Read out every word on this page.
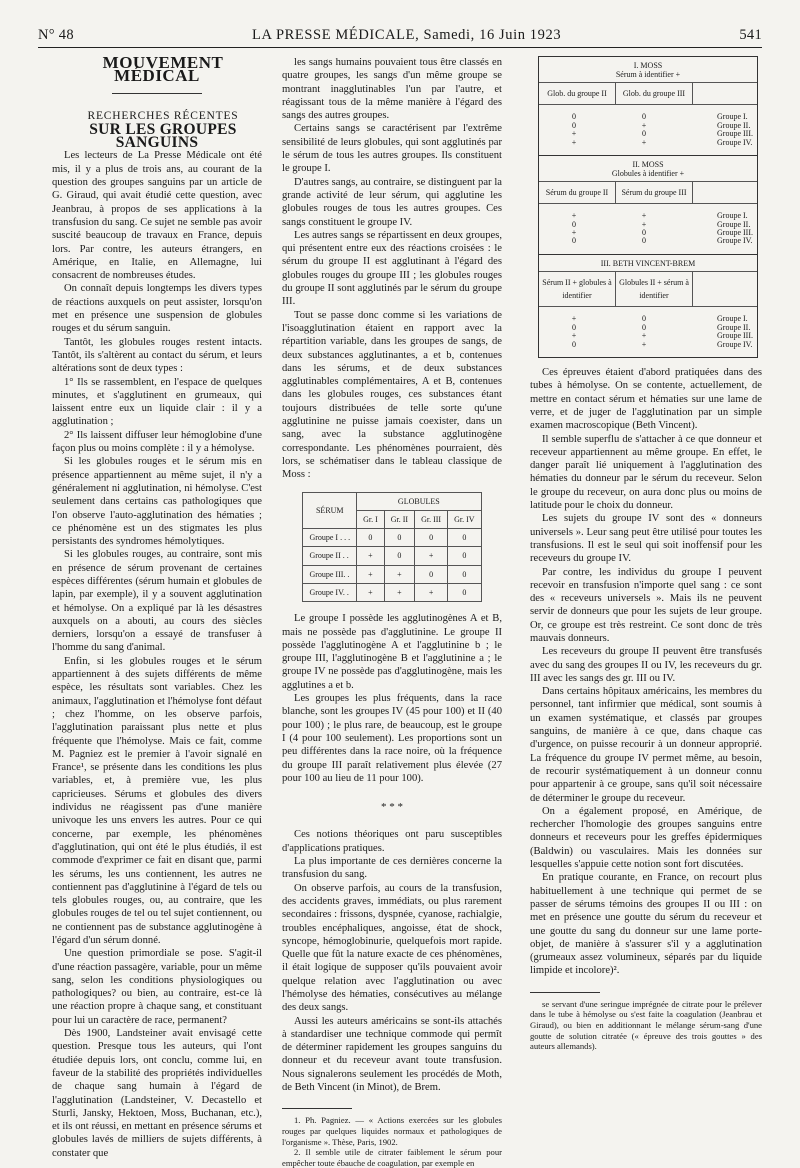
N° 48	LA PRESSE MÉDICALE, Samedi, 16 Juin 1923	541

MOUVEMENT MÉDICAL

RECHERCHES RÉCENTES

SUR LES GROUPES SANGUINS

Les lecteurs de La Presse Médicale ont été mis, il y a plus de trois ans, au courant de la question des groupes sanguins par un article de G. Giraud, qui avait étudié cette question, avec Jeanbrau, à propos de ses applications à la transfusion du sang. Ce sujet ne semble pas avoir suscité beaucoup de travaux en France, depuis lors. Par contre, les auteurs étrangers, en Amérique, en Italie, en Allemagne, lui consacrent de nombreuses études.

On connaît depuis longtemps les divers types de réactions auxquels on peut assister, lorsqu'on met en présence une suspension de globules rouges et du sérum sanguin.

Tantôt, les globules rouges restent intacts. Tantôt, ils s'altèrent au contact du sérum, et leurs altérations sont de deux types :

1° Ils se rassemblent, en l'espace de quelques minutes, et s'agglutinent en grumeaux, qui laissent entre eux un liquide clair : il y a agglutination ;

2° Ils laissent diffuser leur hémoglobine d'une façon plus ou moins complète : il y a hémolyse.

Si les globules rouges et le sérum mis en présence appartiennent au même sujet, il n'y a généralement ni agglutination, ni hémolyse. C'est seulement dans certains cas pathologiques que l'on observe l'auto-agglutination des hématies ; ce phénomène est un des stigmates les plus persistants des syndromes hémolytiques.

Si les globules rouges, au contraire, sont mis en présence de sérum provenant de certaines espèces différentes (sérum humain et globules de lapin, par exemple), il y a souvent agglutination et hémolyse. On a expliqué par là les désastres auxquels on a abouti, au cours des siècles derniers, lorsqu'on a essayé de transfuser à l'homme du sang d'animal.

Enfin, si les globules rouges et le sérum appartiennent à des sujets différents de même espèce, les résultats sont variables. Chez les animaux, l'agglutination et l'hémolyse font défaut ; chez l'homme, on les observe parfois, l'agglutination paraissant plus nette et plus fréquente que l'hémolyse. Mais ce fait, comme M. Pagniez est le premier à l'avoir signalé en France¹, se présente dans les conditions les plus variables, et, à première vue, les plus capricieuses. Sérums et globules des divers individus ne réagissent pas d'une manière univoque les uns envers les autres. Pour ce qui concerne, par exemple, les phénomènes d'agglutination, qui ont été le plus étudiés, il est commode d'exprimer ce fait en disant que, parmi les sérums, les uns contiennent, les autres ne contiennent pas d'agglutinine à l'égard de tels ou tels globules rouges, ou, au contraire, que les globules rouges de tel ou tel sujet contiennent, ou ne contiennent pas de substance agglutinogène à l'égard d'un sérum donné.

Une question primordiale se pose. S'agit-il d'une réaction passagère, variable, pour un même sang, selon les conditions physiologiques ou pathologiques? ou bien, au contraire, est-ce là une réaction propre à chaque sang, et constituant pour lui un caractère de race, permanent?

Dès 1900, Landsteiner avait envisagé cette question. Presque tous les auteurs, qui l'ont étudiée depuis lors, ont conclu, comme lui, en faveur de la stabilité des propriétés individuelles de chaque sang humain à l'égard de l'agglutination (Landsteiner, V. Decastello et Sturli, Jansky, Hektoen, Moss, Buchanan, etc.), et ils ont réussi, en mettant en présence sérums et globules lavés de milliers de sujets différents, à constater que

les sangs humains pouvaient tous être classés en quatre groupes, les sangs d'un même groupe se montrant inagglutinables l'un par l'autre, et réagissant tous de la même manière à l'égard des sangs des autres groupes.

Certains sangs se caractérisent par l'extrême sensibilité de leurs globules, qui sont agglutinés par le sérum de tous les autres groupes. Ils constituent le groupe I.

D'autres sangs, au contraire, se distinguent par la grande activité de leur sérum, qui agglutine les globules rouges de tous les autres groupes. Ces sangs constituent le groupe IV.

Les autres sangs se répartissent en deux groupes, qui présentent entre eux des réactions croisées : le sérum du groupe II est agglutinant à l'égard des globules rouges du groupe III ; les globules rouges du groupe II sont agglutinés par le sérum du groupe III.

Tout se passe donc comme si les variations de l'isoagglutination étaient en rapport avec la répartition variable, dans les groupes de sangs, de deux substances agglutinantes, a et b, contenues dans les sérums, et de deux substances agglutinables complémentaires, A et B, contenues dans les globules rouges, ces substances étant toujours distribuées de telle sorte qu'une agglutinine ne puisse jamais coexister, dans un sang, avec la substance agglutinogène correspondante. Les phénomènes pourraient, dès lors, se schématiser dans le tableau classique de Moss :

SÉRUM	GLOBULES			
	Gr. I	Gr. II	Gr. III	Gr. IV
Groupe I . . .	0	0	0	0
Groupe II . .	+	0	+	0
Groupe III. .	+	+	0	0
Groupe IV. .	+	+	+	0

Le groupe I possède les agglutinogènes A et B, mais ne possède pas d'agglutinine. Le groupe II possède l'agglutinogène A et l'agglutinine b ; le groupe III, l'agglutinogène B et l'agglutinine a ; le groupe IV ne possède pas d'agglutinogène, mais les agglutines a et b.

Les groupes les plus fréquents, dans la race blanche, sont les groupes IV (45 pour 100) et II (40 pour 100) ; le plus rare, de beaucoup, est le groupe I (4 pour 100 seulement). Les proportions sont un peu différentes dans la race noire, où la fréquence du groupe III paraît relativement plus élevée (27 pour 100 au lieu de 11 pour 100).

* * *

Ces notions théoriques ont paru susceptibles d'applications pratiques.

La plus importante de ces dernières concerne la transfusion du sang.

On observe parfois, au cours de la transfusion, des accidents graves, immédiats, ou plus rarement secondaires : frissons, dyspnée, cyanose, rachialgie, troubles encéphaliques, angoisse, état de shock, syncope, hémoglobinurie, quelquefois mort rapide. Quelle que fût la nature exacte de ces phénomènes, il était logique de supposer qu'ils pouvaient avoir quelque relation avec l'agglutination ou avec l'hémolyse des hématies, consécutives au mélange des deux sangs.

Aussi les auteurs américains se sont-ils attachés à standardiser une technique commode qui permît de déterminer rapidement les groupes sanguins du donneur et du receveur avant toute transfusion. Nous signalerons seulement les procédés de Moth, de Beth Vincent (in Minot), de Brem.

1. Ph. Pagniez. — « Actions exercées sur les globules rouges par quelques liquides normaux et pathologiques de l'organisme ». Thèse, Paris, 1902.

2. Il semble utile de citrater faiblement le sérum pour empêcher toute ébauche de coagulation, par exemple en

I. MOSS
Sérum à identifier +
Glob. du groupe II	Glob. du groupe III
0	0	Groupe I.
0	+	Groupe II.
+	0	Groupe III.
+	+	Groupe IV.
II. MOSS
Globules à identifier +
Sérum du groupe II	Sérum du groupe III
+	+	Groupe I.
0	+	Groupe II.
+	0	Groupe III.
0	0	Groupe IV.
III. BETH VINCENT-BREM
Sérum II + globules à identifier
Globules II + sérum à identifier
+	0	Groupe I.
0	0	Groupe II.
+	+	Groupe III.
0	+	Groupe IV.

Ces épreuves étaient d'abord pratiquées dans des tubes à hémolyse. On se contente, actuellement, de mettre en contact sérum et hématies sur une lame de verre, et de juger de l'agglutination par un simple examen macroscopique (Beth Vincent).

Il semble superflu de s'attacher à ce que donneur et receveur appartiennent au même groupe. En effet, le danger paraît lié uniquement à l'agglutination des hématies du donneur par le sérum du receveur. Selon le groupe du receveur, on aura donc plus ou moins de latitude pour le choix du donneur.

Les sujets du groupe IV sont des « donneurs universels ». Leur sang peut être utilisé pour toutes les transfusions. Il est le seul qui soit inoffensif pour les receveurs du groupe IV.

Par contre, les individus du groupe I peuvent recevoir en transfusion n'importe quel sang : ce sont des « receveurs universels ». Mais ils ne peuvent servir de donneurs que pour les sujets de leur groupe. Or, ce groupe est très restreint. Ce sont donc de très mauvais donneurs.

Les receveurs du groupe II peuvent être transfusés avec du sang des groupes II ou IV, les receveurs du gr. III avec les sangs des gr. III ou IV.

Dans certains hôpitaux américains, les membres du personnel, tant infirmier que médical, sont soumis à un examen systématique, et classés par groupes sanguins, de manière à ce que, dans chaque cas d'urgence, on puisse recourir à un donneur approprié. La fréquence du groupe IV permet même, au besoin, de recourir systématiquement à un donneur connu pour appartenir à ce groupe, sans qu'il soit nécessaire de déterminer le groupe du receveur.

On a également proposé, en Amérique, de rechercher l'homologie des groupes sanguins entre donneurs et receveurs pour les greffes épidermiques (Baldwin) ou vasculaires. Mais les données sur lesquelles s'appuie cette notion sont fort discutées.

En pratique courante, en France, on recourt plus habituellement à une technique qui permet de se passer de sérums témoins des groupes II ou III : on met en présence une goutte du sérum du receveur et une goutte du sang du donneur sur une lame porte-objet, de manière à s'assurer s'il y a agglutination (grumeaux assez volumineux, séparés par du liquide limpide et incolore)².

se servant d'une seringue imprégnée de citrate pour le prélever dans le tube à hémolyse ou s'est faite la coagulation (Jeanbrau et Giraud), ou bien en additionnant le mélange sérum-sang d'une goutte de solution citratée (« épreuve des trois gouttes » des auteurs allemands).
